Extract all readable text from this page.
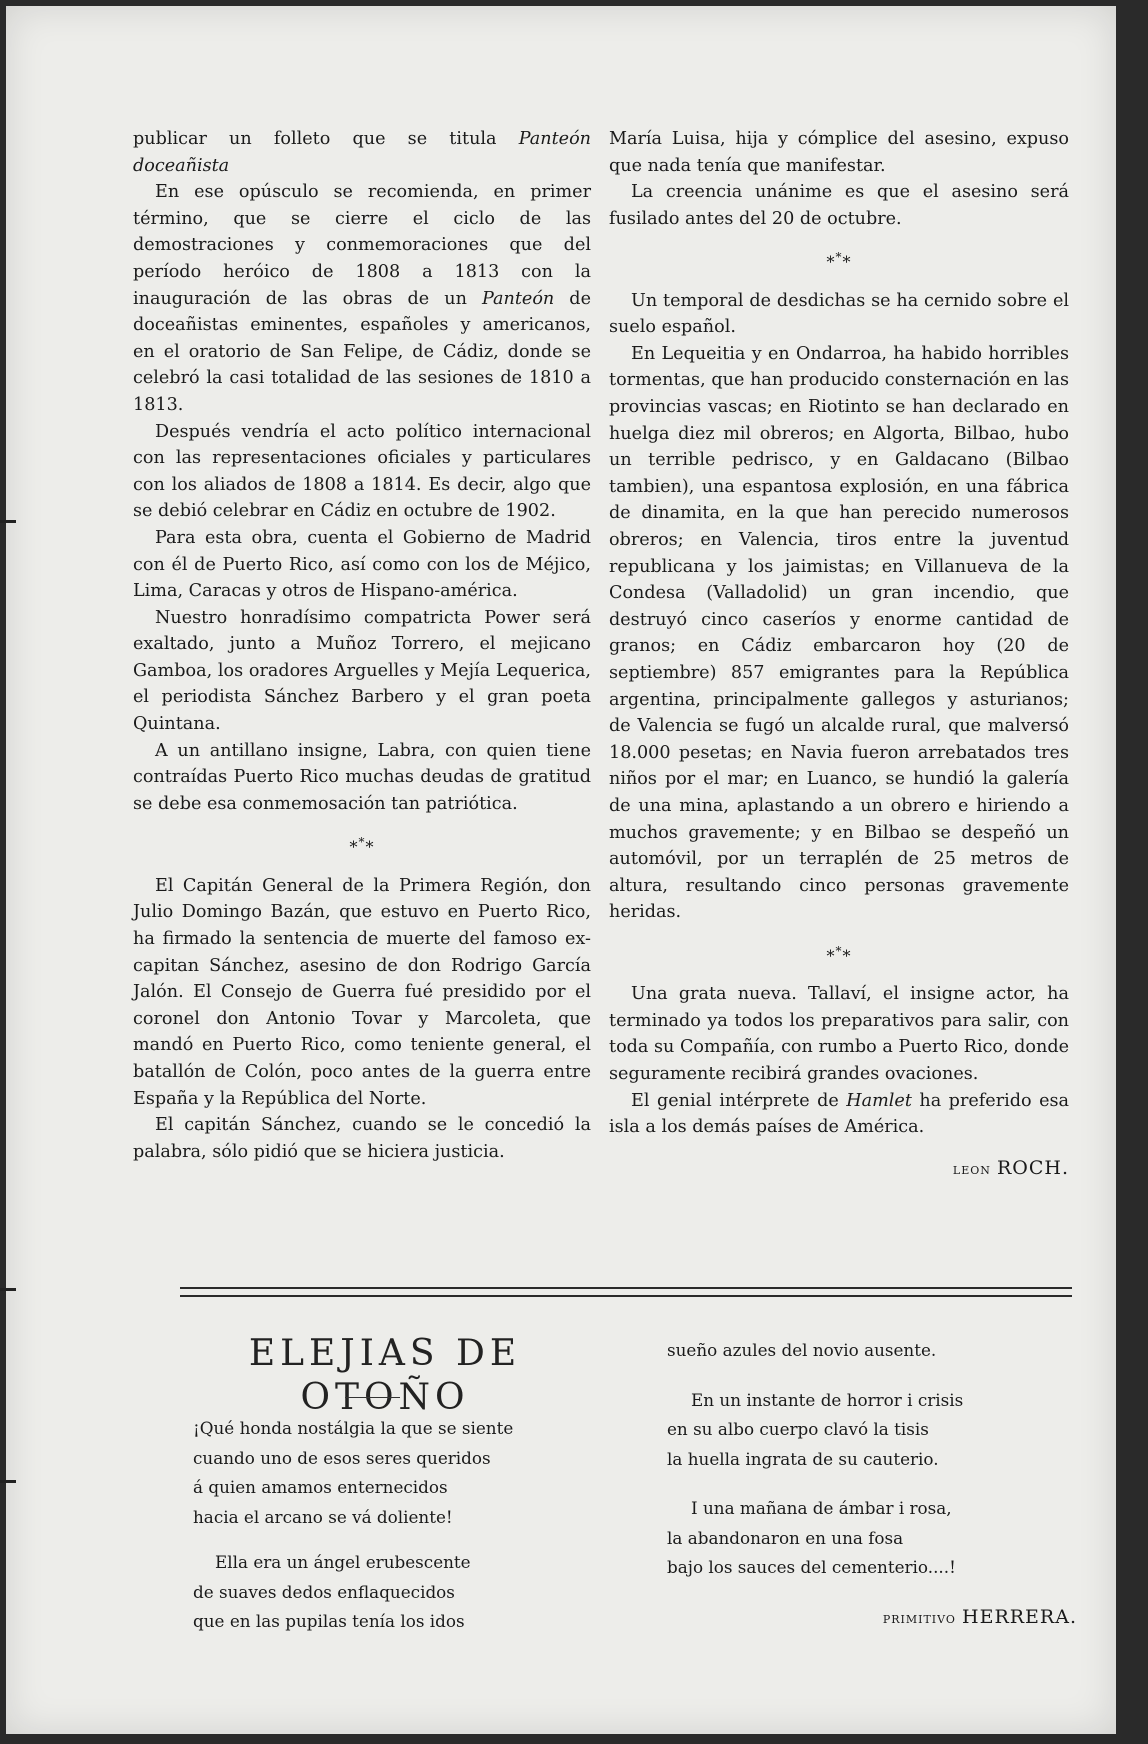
publicar un folleto que se titula Panteón doceañista

En ese opúsculo se recomienda, en primer término, que se cierre el ciclo de las demostraciones y conmemoraciones que del período heróico de 1808 a 1813 con la inauguración de las obras de un Panteón de doceañistas eminentes, españoles y americanos, en el oratorio de San Felipe, de Cádiz, donde se celebró la casi totalidad de las sesiones de 1810 a 1813.

Después vendría el acto político internacional con las representaciones oficiales y particulares con los aliados de 1808 a 1814. Es decir, algo que se debió celebrar en Cádiz en octubre de 1902.

Para esta obra, cuenta el Gobierno de Madrid con él de Puerto Rico, así como con los de Méjico, Lima, Caracas y otros de Hispano-américa.

Nuestro honradísimo compatricta Power será exaltado, junto a Muñoz Torrero, el mejicano Gamboa, los oradores Arguelles y Mejía Lequerica, el periodista Sánchez Barbero y el gran poeta Quintana.

A un antillano insigne, Labra, con quien tiene contraídas Puerto Rico muchas deudas de gratitud se debe esa conmemosación tan patriótica.

***

El Capitán General de la Primera Región, don Julio Domingo Bazán, que estuvo en Puerto Rico, ha firmado la sentencia de muerte del famoso ex-capitan Sánchez, asesino de don Rodrigo García Jalón. El Consejo de Guerra fué presidido por el coronel don Antonio Tovar y Marcoleta, que mandó en Puerto Rico, como teniente general, el batallón de Colón, poco antes de la guerra entre España y la República del Norte.

El capitán Sánchez, cuando se le concedió la palabra, sólo pidió que se hiciera justicia.

María Luisa, hija y cómplice del asesino, expuso que nada tenía que manifestar.

La creencia unánime es que el asesino será fusilado antes del 20 de octubre.

***

Un temporal de desdichas se ha cernido sobre el suelo español.

En Lequeitia y en Ondarroa, ha habido horribles tormentas, que han producido consternación en las provincias vascas; en Riotinto se han declarado en huelga diez mil obreros; en Algorta, Bilbao, hubo un terrible pedrisco, y en Galdacano (Bilbao tambien), una espantosa explosión, en una fábrica de dinamita, en la que han perecido numerosos obreros; en Valencia, tiros entre la juventud republicana y los jaimistas; en Villanueva de la Condesa (Valladolid) un gran incendio, que destruyó cinco caseríos y enorme cantidad de granos; en Cádiz embarcaron hoy (20 de septiembre) 857 emigrantes para la República argentina, principalmente gallegos y asturianos; de Valencia se fugó un alcalde rural, que malversó 18.000 pesetas; en Navia fueron arrebatados tres niños por el mar; en Luanco, se hundió la galería de una mina, aplastando a un obrero e hiriendo a muchos gravemente; y en Bilbao se despeñó un automóvil, por un terraplén de 25 metros de altura, resultando cinco personas gravemente heridas.

***

Una grata nueva. Tallaví, el insigne actor, ha terminado ya todos los preparativos para salir, con toda su Compañía, con rumbo a Puerto Rico, donde seguramente recibirá grandes ovaciones.

El genial intérprete de Hamlet ha preferido esa isla a los demás países de América.

LEON ROCH.
ELEJIAS DE OTOÑO

¡Qué honda nostálgia la que se siente

cuando uno de esos seres queridos

á quien amamos enternecidos

hacia el arcano se vá doliente!

Ella era un ángel erubescente

de suaves dedos enflaquecidos

que en las pupilas tenía los idos

sueño azules del novio ausente.

En un instante de horror i crisis

en su albo cuerpo clavó la tisis

la huella ingrata de su cauterio.

I una mañana de ámbar i rosa,

la abandonaron en una fosa

bajo los sauces del cementerio....!

PRIMITIVO HERRERA.
